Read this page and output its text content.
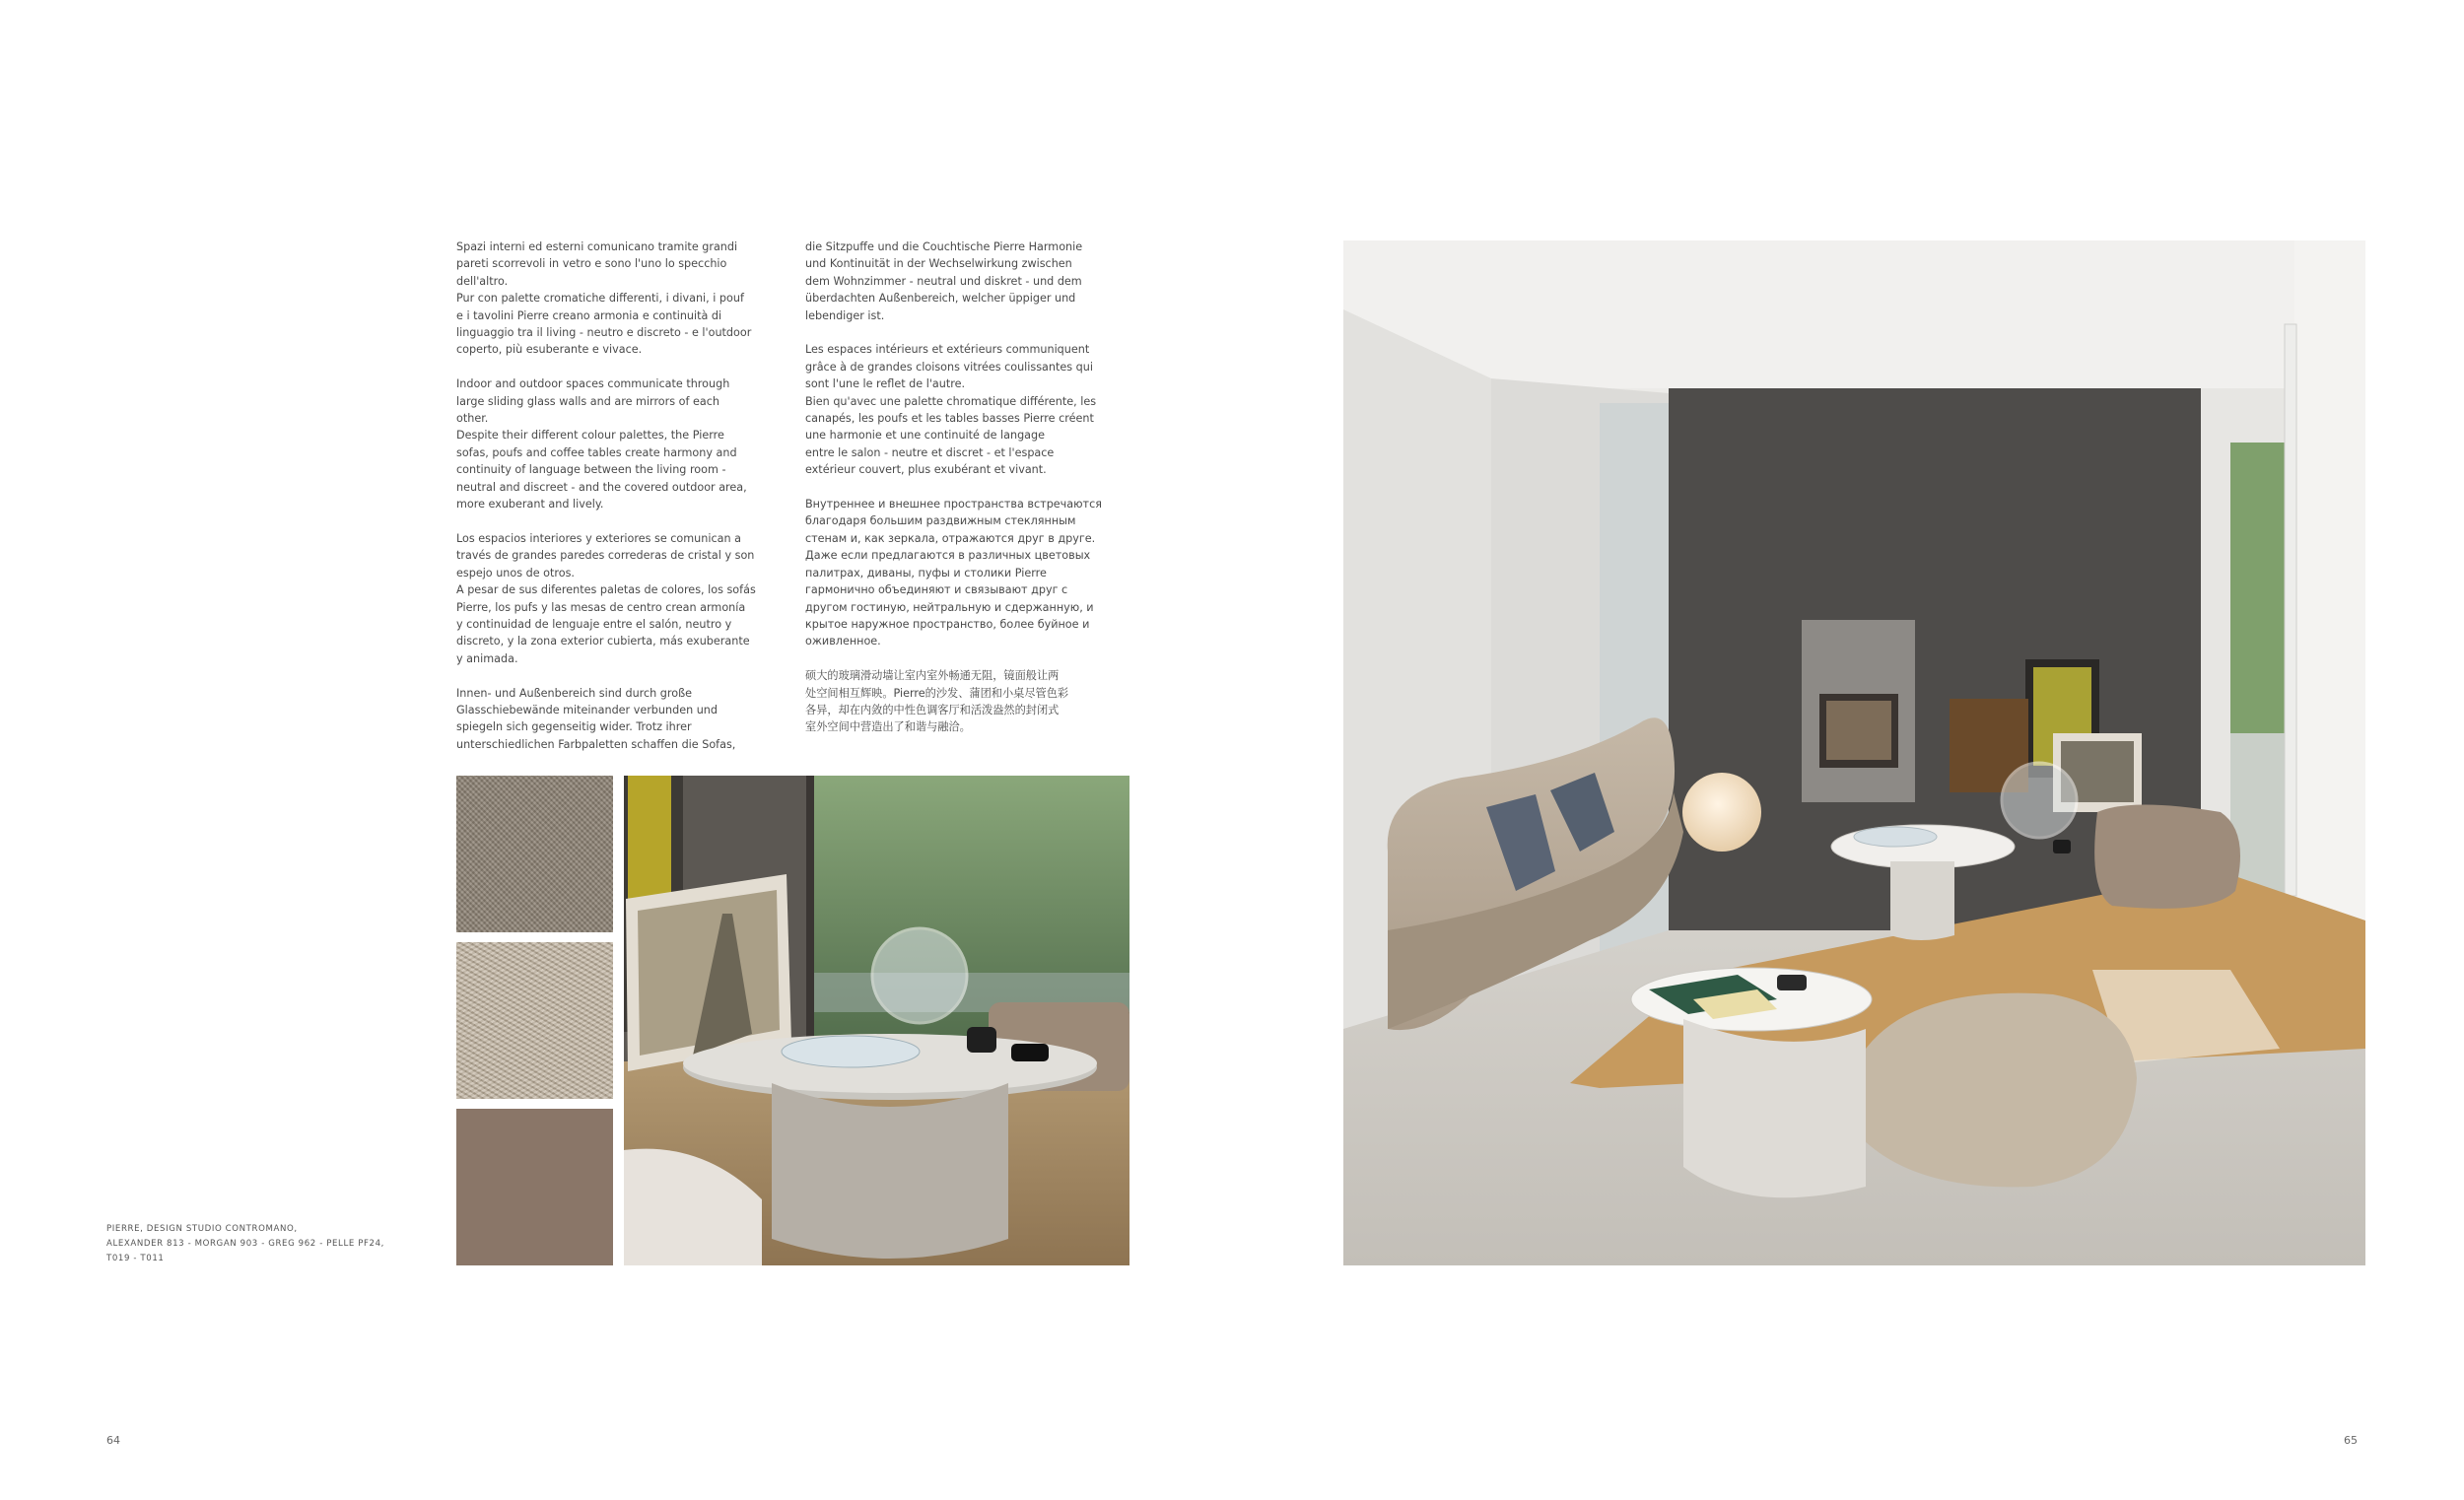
Spazi interni ed esterni comunicano tramite grandi
pareti scorrevoli in vetro e sono l'uno lo specchio
dell'altro.
Pur con palette cromatiche differenti, i divani, i pouf
e i tavolini Pierre creano armonia e continuità di
linguaggio tra il living - neutro e discreto - e l'outdoor
coperto, più esuberante e vivace.

Indoor and outdoor spaces communicate through
large sliding glass walls and are mirrors of each
other.
Despite their different colour palettes, the Pierre
sofas, poufs and coffee tables create harmony and
continuity of language between the living room -
neutral and discreet - and the covered outdoor area,
more exuberant and lively.

Los espacios interiores y exteriores se comunican a
través de grandes paredes correderas de cristal y son
espejo unos de otros.
A pesar de sus diferentes paletas de colores, los sofás
Pierre, los pufs y las mesas de centro crean armonía
y continuidad de lenguaje entre el salón, neutro y
discreto, y la zona exterior cubierta, más exuberante
y animada.

Innen- und Außenbereich sind durch große
Glasschiebewände miteinander verbunden und
spiegeln sich gegenseitig wider. Trotz ihrer
unterschiedlichen Farbpaletten schaffen die Sofas,

die Sitzpuffe und die Couchtische Pierre Harmonie
und Kontinuität in der Wechselwirkung zwischen
dem Wohnzimmer - neutral und diskret - und dem
überdachten Außenbereich, welcher üppiger und
lebendiger ist.

Les espaces intérieurs et extérieurs communiquent
grâce à de grandes cloisons vitrées coulissantes qui
sont l'une le reflet de l'autre.
Bien qu'avec une palette chromatique différente, les
canapés, les poufs et les tables basses Pierre créent
une harmonie et une continuité de langage
entre le salon - neutre et discret - et l'espace
extérieur couvert, plus exubérant et vivant.

Внутреннее и внешнее пространства встречаются
благодаря большим раздвижным стеклянным
стенам и, как зеркала, отражаются друг в друге.
Даже если предлагаются в различных цветовых
палитрах, диваны, пуфы и столики Pierre
гармонично объединяют и связывают друг с
другом гостиную, нейтральную и сдержанную, и
крытое наружное пространство, более буйное и
оживленное.

硕大的玻璃滑动墙让室内室外畅通无阻，镜面般让两
处空间相互辉映。Pierre的沙发、蒲团和小桌尽管色彩
各异，却在内敛的中性色调客厅和活泼盎然的封闭式
室外空间中营造出了和谐与融洽。

PIERRE, DESIGN STUDIO CONTROMANO,
ALEXANDER 813 - MORGAN 903 - GREG 962 - PELLE PF24,
T019 - T011
64	65
